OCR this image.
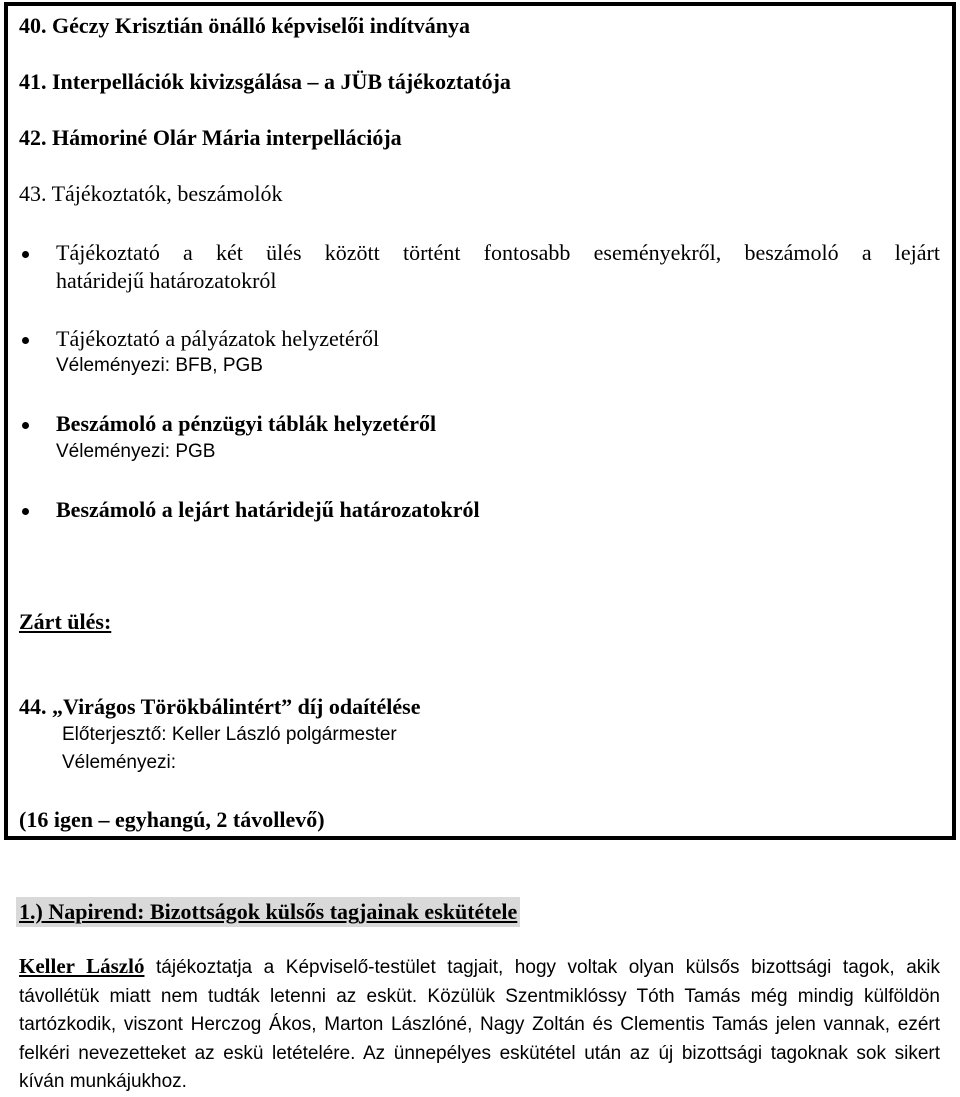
40. Géczy Krisztián önálló képviselői indítványa
41. Interpellációk kivizsgálása – a JÜB tájékoztatója
42. Hámoriné Olár Mária interpellációja
43. Tájékoztatók, beszámolók
Tájékoztató a két ülés között történt fontosabb eseményekről, beszámoló a lejárt
határidejű határozatokról
Tájékoztató a pályázatok helyzetéről
Véleményezi: BFB, PGB
Beszámoló a pénzügyi táblák helyzetéről
Véleményezi: PGB
Beszámoló a lejárt határidejű határozatokról
Zárt ülés:
44. „Virágos Törökbálintért” díj odaítélése
Előterjesztő: Keller László polgármester
Véleményezi:
(16 igen – egyhangú, 2 távollevő)
1.) Napirend: Bizottságok külsős tagjainak eskütétele
Keller László tájékoztatja a Képviselő-testület tagjait, hogy voltak olyan külsős bizottsági tagok, akik távollétük miatt nem tudták letenni az esküt. Közülük Szentmiklóssy Tóth Tamás még mindig külföldön tartózkodik, viszont Herczog Ákos, Marton Lászlóné, Nagy Zoltán és Clementis Tamás jelen vannak, ezért felkéri nevezetteket az eskü letételére. Az ünnepélyes eskütétel után az új bizottsági tagoknak sok sikert kíván munkájukhoz.
